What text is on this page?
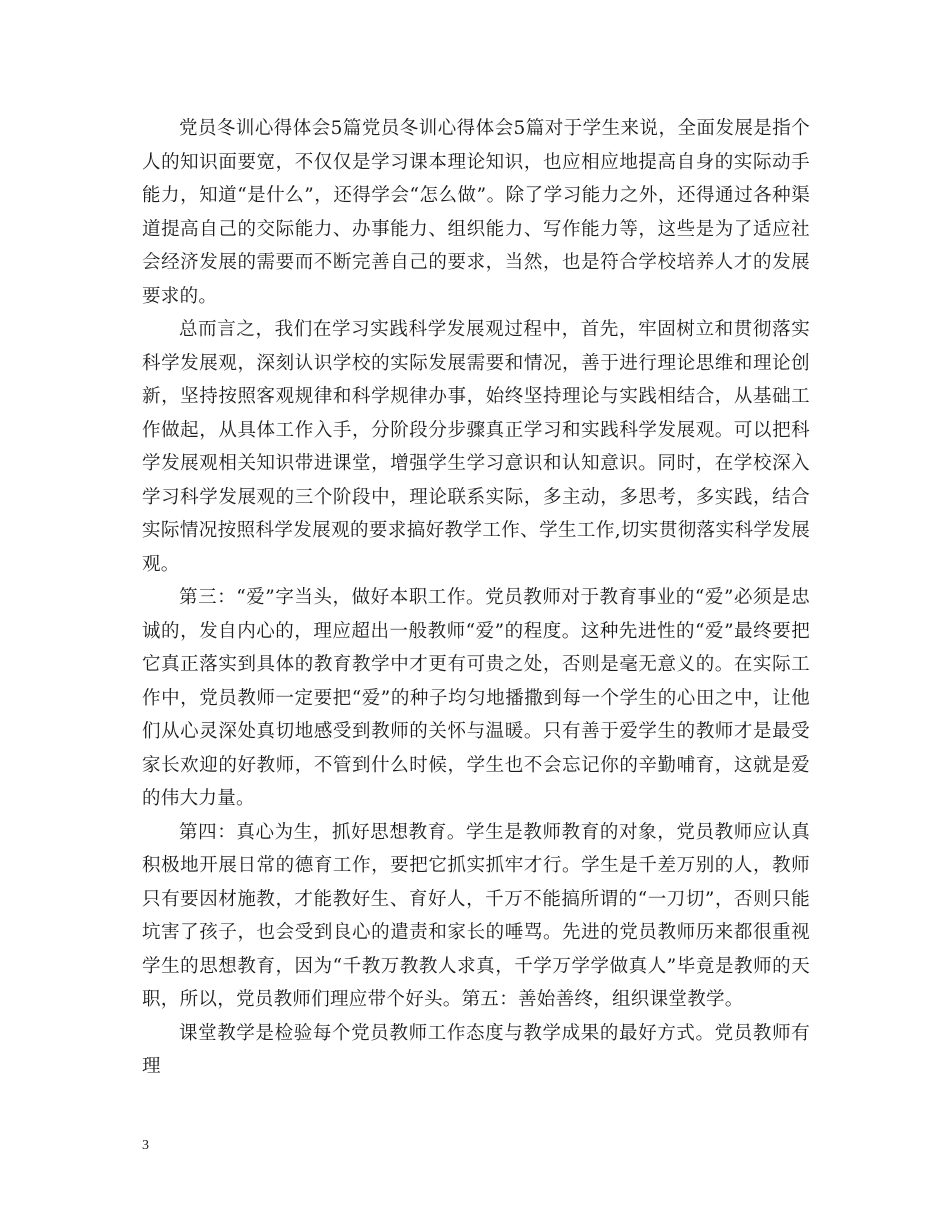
党员冬训心得体会5篇党员冬训心得体会5篇对于学生来说，全面发展是指个人的知识面要宽，不仅仅是学习课本理论知识，也应相应地提高自身的实际动手能力，知道“是什么”，还得学会“怎么做”。除了学习能力之外，还得通过各种渠道提高自己的交际能力、办事能力、组织能力、写作能力等，这些是为了适应社会经济发展的需要而不断完善自己的要求，当然，也是符合学校培养人才的发展要求的。

总而言之，我们在学习实践科学发展观过程中，首先，牢固树立和贯彻落实科学发展观，深刻认识学校的实际发展需要和情况，善于进行理论思维和理论创新，坚持按照客观规律和科学规律办事，始终坚持理论与实践相结合，从基础工作做起，从具体工作入手，分阶段分步骤真正学习和实践科学发展观。可以把科学发展观相关知识带进课堂，增强学生学习意识和认知意识。同时，在学校深入学习科学发展观的三个阶段中，理论联系实际，多主动，多思考，多实践，结合实际情况按照科学发展观的要求搞好教学工作、学生工作,切实贯彻落实科学发展观。

第三：“爱”字当头，做好本职工作。党员教师对于教育事业的“爱”必须是忠诚的，发自内心的，理应超出一般教师“爱”的程度。这种先进性的“爱”最终要把它真正落实到具体的教育教学中才更有可贵之处，否则是毫无意义的。在实际工作中，党员教师一定要把“爱”的种子均匀地播撒到每一个学生的心田之中，让他们从心灵深处真切地感受到教师的关怀与温暖。只有善于爱学生的教师才是最受家长欢迎的好教师，不管到什么时候，学生也不会忘记你的辛勤哺育，这就是爱的伟大力量。

第四：真心为生，抓好思想教育。学生是教师教育的对象，党员教师应认真积极地开展日常的德育工作，要把它抓实抓牢才行。学生是千差万别的人，教师只有要因材施教，才能教好生、育好人，千万不能搞所谓的“一刀切”，否则只能坑害了孩子，也会受到良心的遣责和家长的唾骂。先进的党员教师历来都很重视学生的思想教育，因为“千教万教教人求真，千学万学学做真人”毕竟是教师的天职，所以，党员教师们理应带个好头。第五：善始善终，组织课堂教学。

课堂教学是检验每个党员教师工作态度与教学成果的最好方式。党员教师有理

3
